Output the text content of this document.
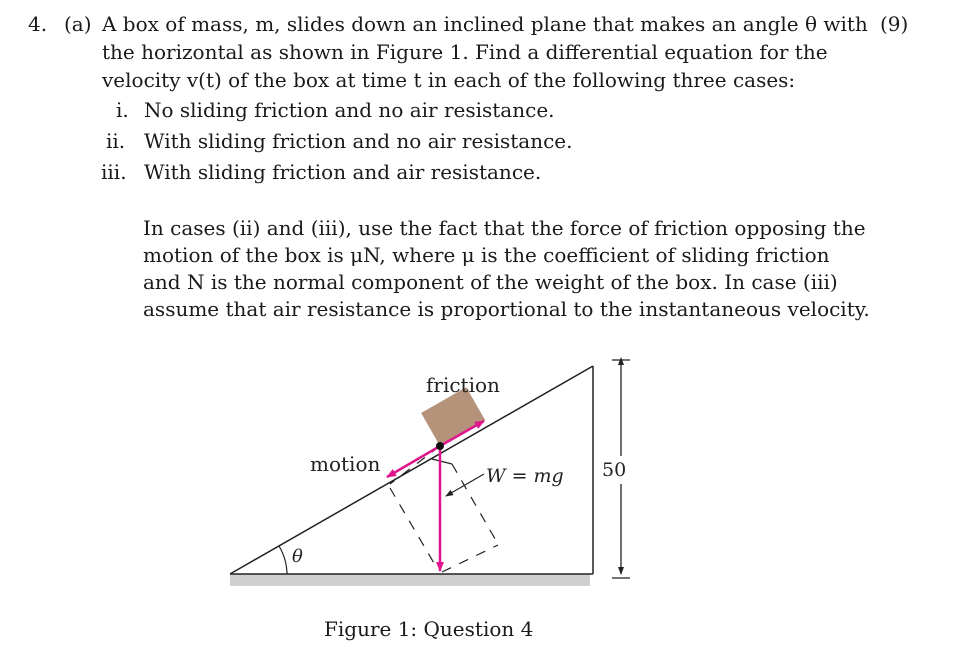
4.	(9)
(a) A box of mass, m, slides down an inclined plane that makes an angle θ with
the horizontal as shown in Figure 1. Find a differential equation for the
velocity v(t) of the box at time t in each of the following three cases:
i. No sliding friction and no air resistance.
ii. With sliding friction and no air resistance.
iii. With sliding friction and air resistance.
In cases (ii) and (iii), use the fact that the force of friction opposing the
motion of the box is μN, where μ is the coefficient of sliding friction
and N is the normal component of the weight of the box. In case (iii)
assume that air resistance is proportional to the instantaneous velocity.
friction
motion	W = mg 50
θ
Figure 1: Question 4
